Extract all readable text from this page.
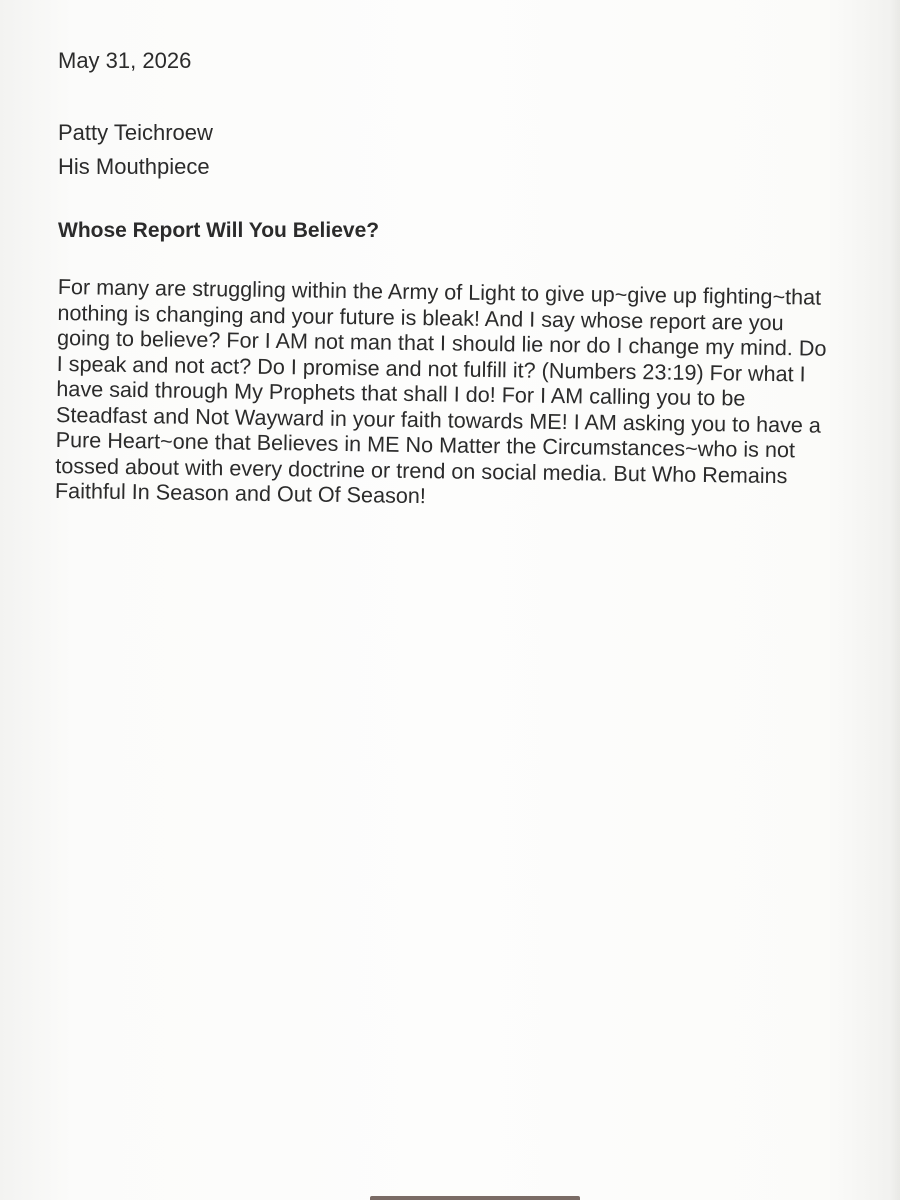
May 31, 2026
Patty Teichroew
His Mouthpiece
Whose Report Will You Believe?

For many are struggling within the Army of Light to give up~give up fighting~that nothing is changing and your future is bleak! And I say whose report are you going to believe? For I AM not man that I should lie nor do I change my mind. Do I speak and not act? Do I promise and not fulfill it? (Numbers 23:19) For what I have said through My Prophets that shall I do! For I AM calling you to be Steadfast and Not Wayward in your faith towards ME! I AM asking you to have a Pure Heart~one that Believes in ME No Matter the Circumstances~who is not tossed about with every doctrine or trend on social media. But Who Remains Faithful In Season and Out Of Season!
